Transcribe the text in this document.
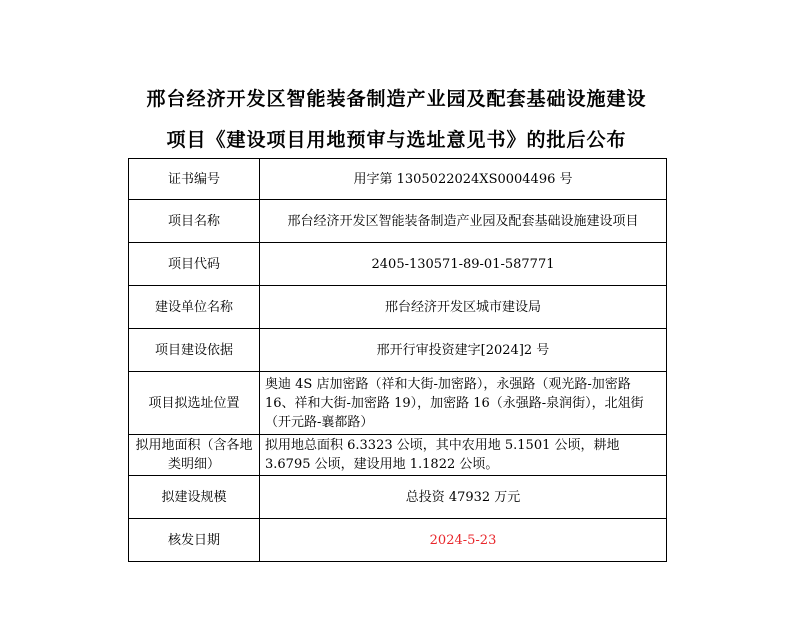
邢台经济开发区智能装备制造产业园及配套基础设施建设
项目《建设项目用地预审与选址意见书》的批后公布
证书编号	用字第 1305022024XS0004496 号
项目名称	邢台经济开发区智能装备制造产业园及配套基础设施建设项目
项目代码	2405-130571-89-01-587771
建设单位名称	邢台经济开发区城市建设局
项目建设依据	邢开行审投资建字[2024]2 号
项目拟选址位置	奥迪 4S 店加密路（祥和大街-加密路），永强路（观光路-加密路 16、祥和大街-加密路 19），加密路 16（永强路-泉润街），北俎街（开元路-襄都路）
拟用地面积（含各地类明细）	拟用地总面积 6.3323 公顷，其中农用地 5.1501 公顷，耕地 3.6795 公顷，建设用地 1.1822 公顷。
拟建设规模	总投资 47932 万元
核发日期	2024-5-23
